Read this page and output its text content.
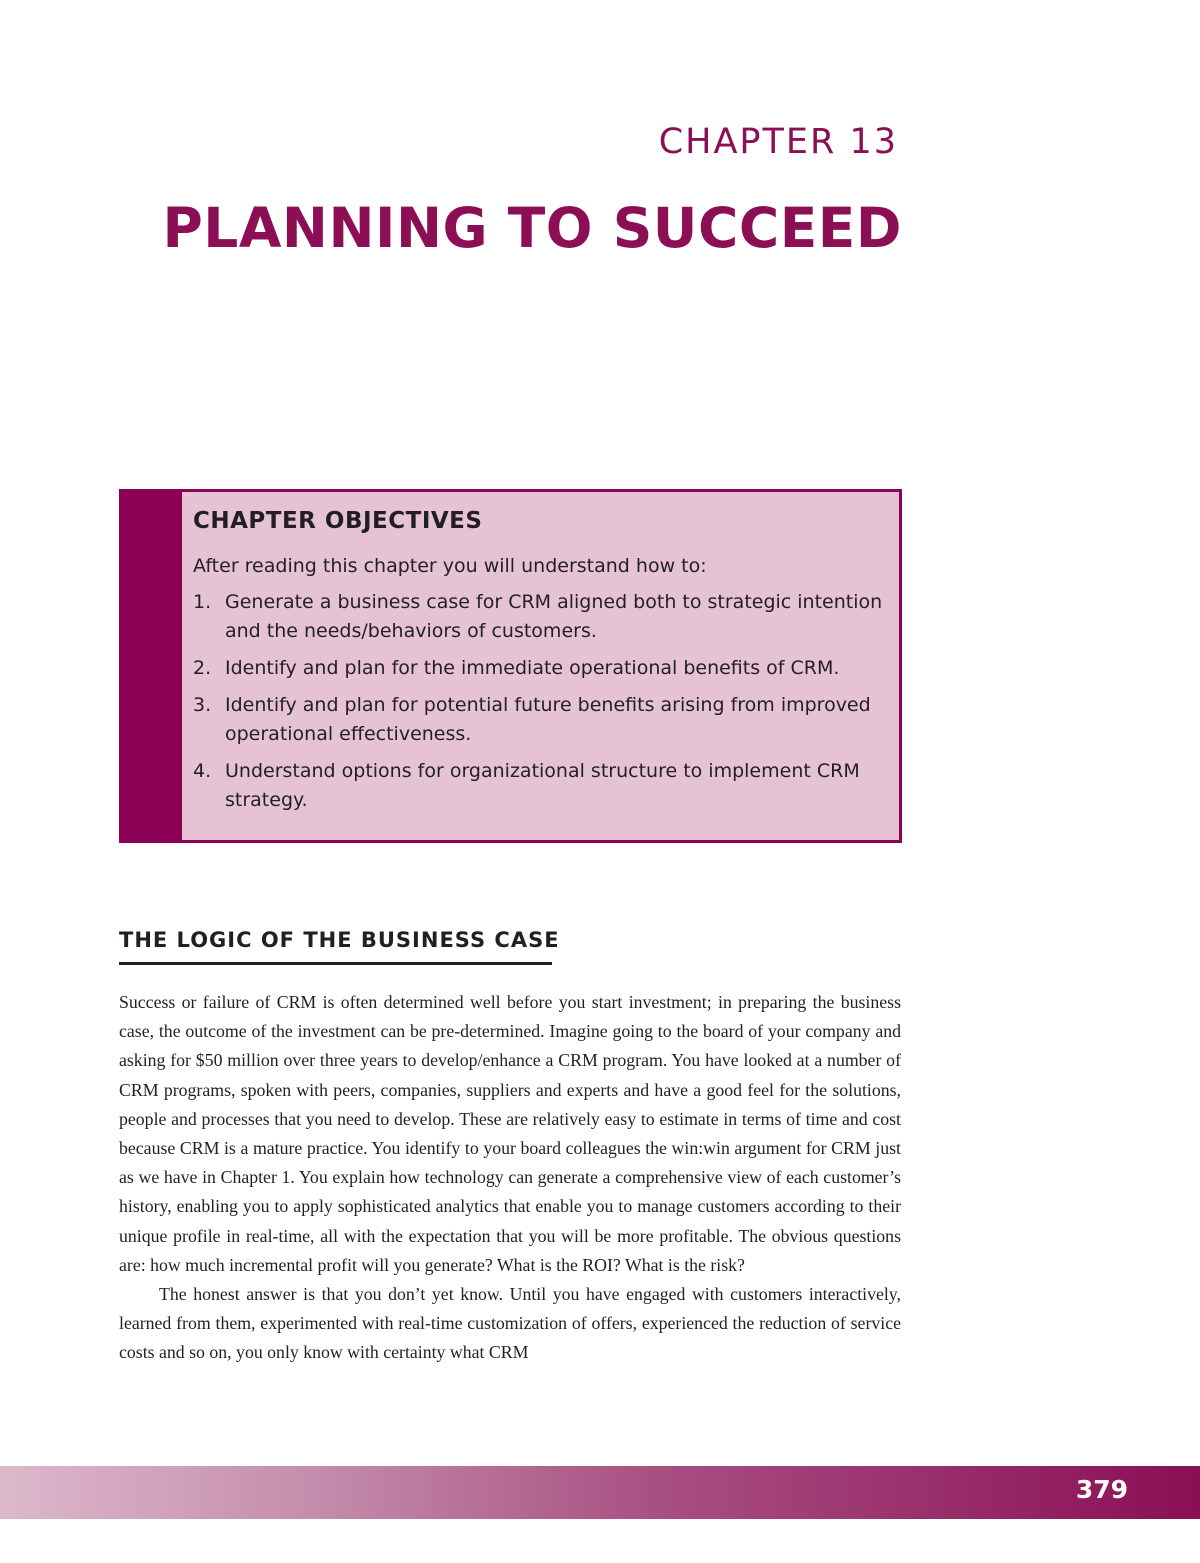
CHAPTER 13
PLANNING TO SUCCEED
CHAPTER OBJECTIVES

After reading this chapter you will understand how to:

1. Generate a business case for CRM aligned both to strategic intention and the needs/behaviors of customers.
2. Identify and plan for the immediate operational benefits of CRM.
3. Identify and plan for potential future benefits arising from improved operational effectiveness.
4. Understand options for organizational structure to implement CRM strategy.
THE LOGIC OF THE BUSINESS CASE

Success or failure of CRM is often determined well before you start investment; in preparing the business case, the outcome of the investment can be pre-determined. Imagine going to the board of your company and asking for $50 million over three years to develop/enhance a CRM program. You have looked at a number of CRM programs, spoken with peers, companies, suppliers and experts and have a good feel for the solutions, people and processes that you need to develop. These are relatively easy to estimate in terms of time and cost because CRM is a mature practice. You identify to your board colleagues the win:win argument for CRM just as we have in Chapter 1. You explain how technology can generate a comprehensive view of each customer’s history, enabling you to apply sophisticated analytics that enable you to manage customers according to their unique profile in real-time, all with the expectation that you will be more profitable. The obvious questions are: how much incremental profit will you generate? What is the ROI? What is the risk?

The honest answer is that you don’t yet know. Until you have engaged with customers interactively, learned from them, experimented with real-time customization of offers, experienced the reduction of service costs and so on, you only know with certainty what CRM

379
